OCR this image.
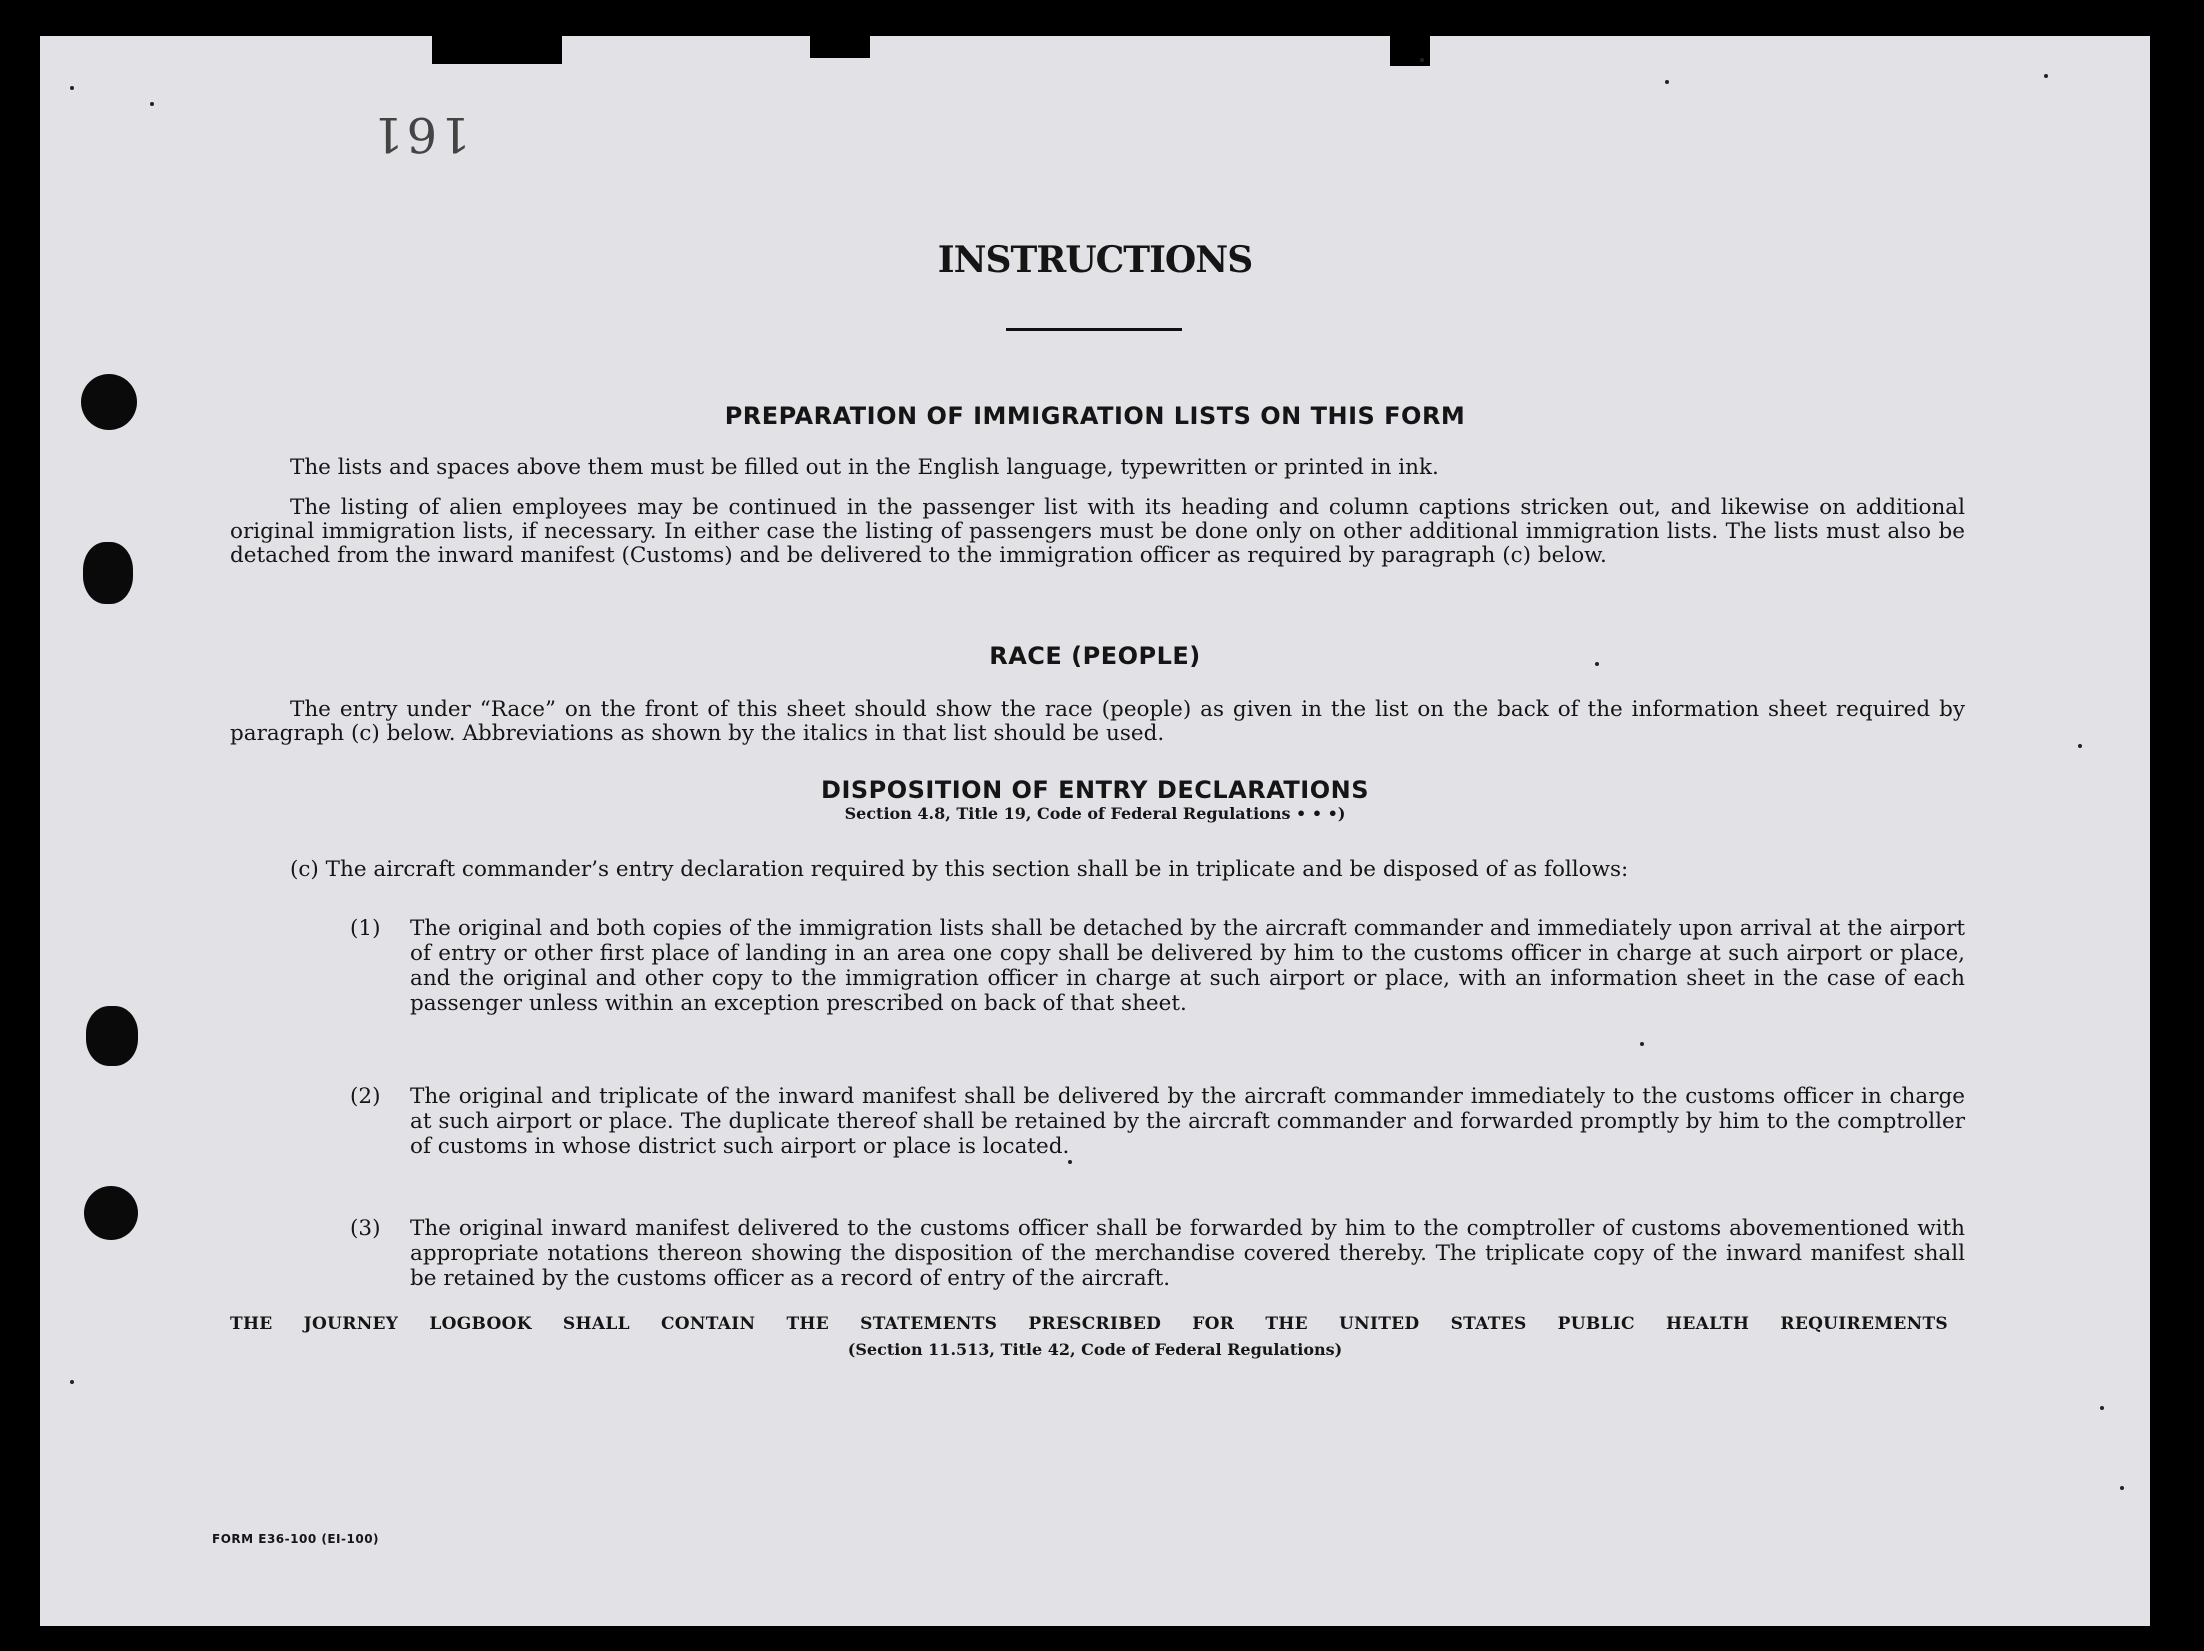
161
INSTRUCTIONS
PREPARATION OF IMMIGRATION LISTS ON THIS FORM

The lists and spaces above them must be filled out in the English language, typewritten or printed in ink.

The listing of alien employees may be continued in the passenger list with its heading and column captions stricken out, and likewise on additional original immigration lists, if necessary. In either case the listing of passengers must be done only on other additional immigration lists. The lists must also be detached from the inward manifest (Customs) and be delivered to the immigration officer as required by paragraph (c) below.

RACE (PEOPLE)

The entry under “Race” on the front of this sheet should show the race (people) as given in the list on the back of the information sheet required by paragraph (c) below. Abbreviations as shown by the italics in that list should be used.

DISPOSITION OF ENTRY DECLARATIONS
Section 4.8, Title 19, Code of Federal Regulations • • •)

(c) The aircraft commander’s entry declaration required by this section shall be in triplicate and be disposed of as follows:

(1) The original and both copies of the immigration lists shall be detached by the aircraft commander and immediately upon arrival at the airport of entry or other first place of landing in an area one copy shall be delivered by him to the customs officer in charge at such airport or place, and the original and other copy to the immigration officer in charge at such airport or place, with an information sheet in the case of each passenger unless within an exception prescribed on back of that sheet.
(2) The original and triplicate of the inward manifest shall be delivered by the aircraft commander immediately to the customs officer in charge at such airport or place. The duplicate thereof shall be retained by the aircraft commander and forwarded promptly by him to the comptroller of customs in whose district such airport or place is located.
(3) The original inward manifest delivered to the customs officer shall be forwarded by him to the comptroller of customs abovementioned with appropriate notations thereon showing the disposition of the merchandise covered thereby. The triplicate copy of the inward manifest shall be retained by the customs officer as a record of entry of the aircraft.

THE JOURNEY LOGBOOK SHALL CONTAIN THE STATEMENTS PRESCRIBED FOR THE UNITED STATES PUBLIC HEALTH REQUIREMENTS

(Section 11.513, Title 42, Code of Federal Regulations)
FORM E36-100 (EI-100)
